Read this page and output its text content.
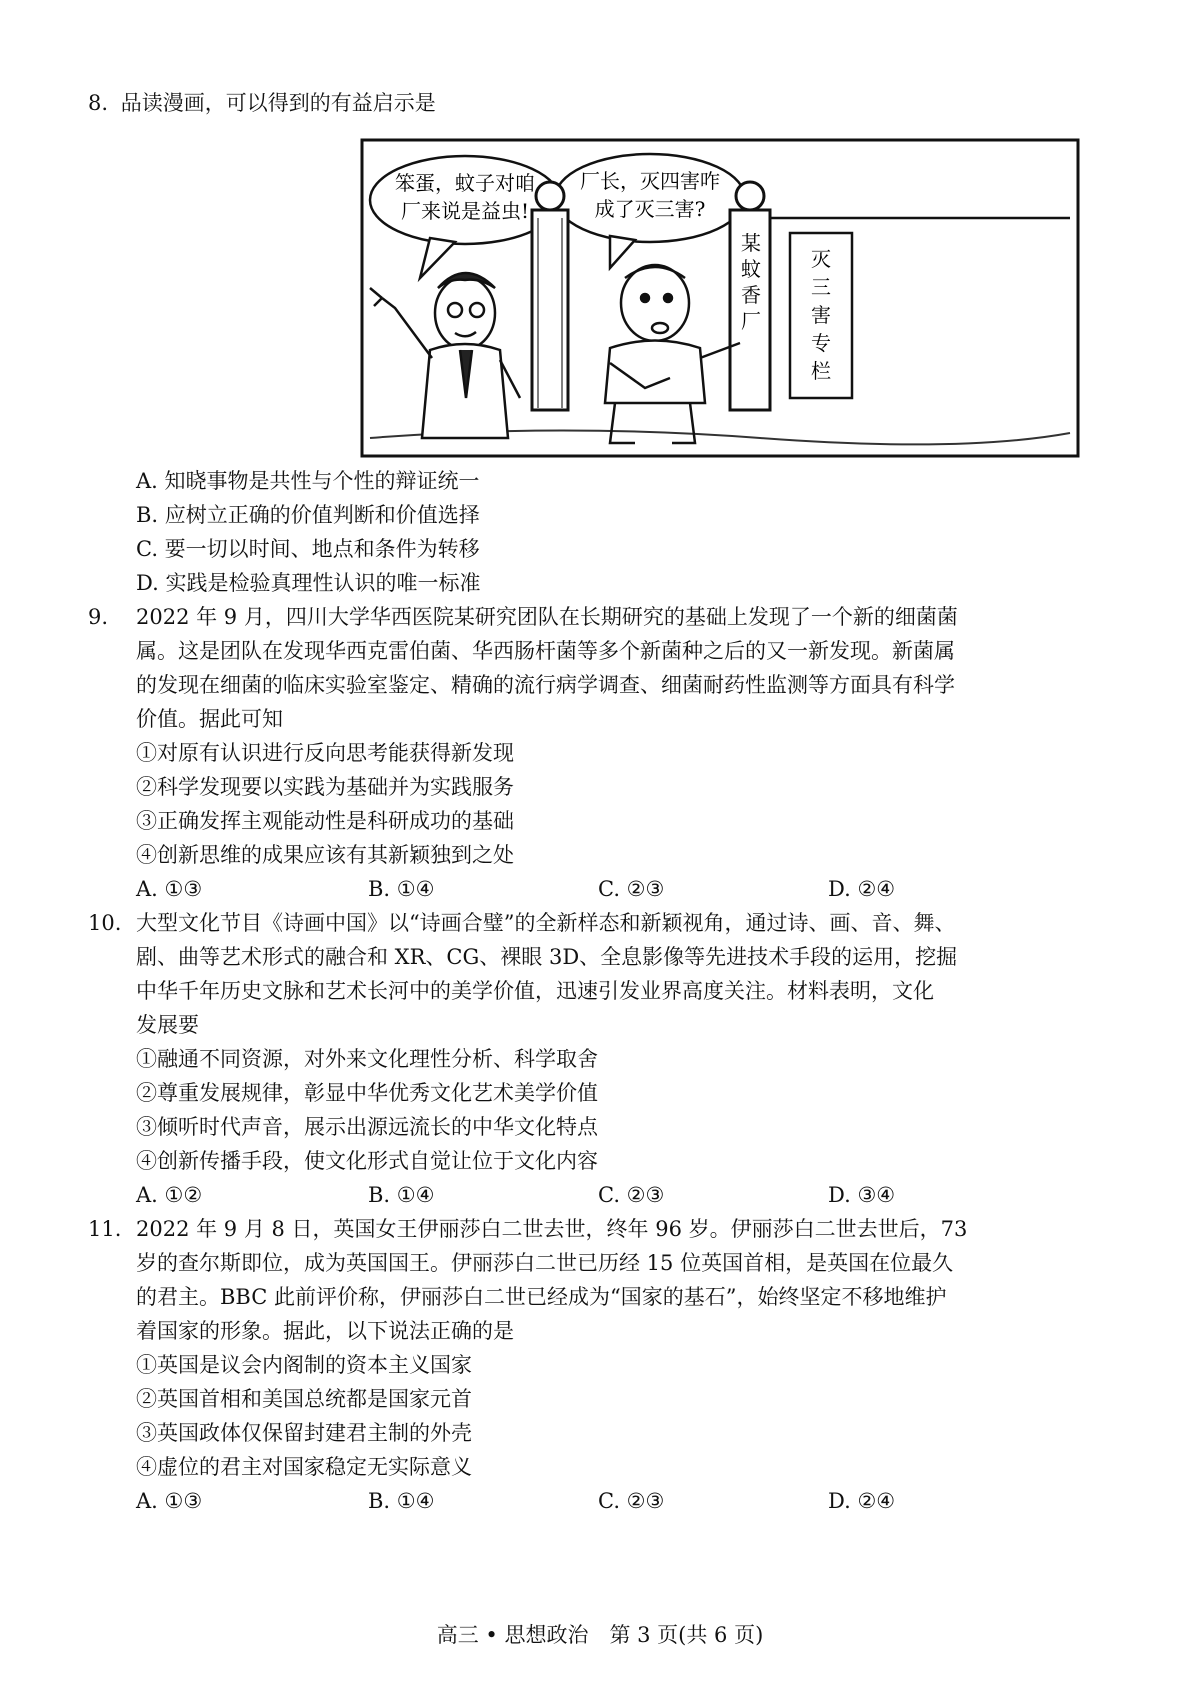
8. 品读漫画，可以得到的有益启示是
笨蛋，蚊子对咱
厂来说是益虫!
厂长，灭四害咋
成了灭三害?
某
蚊
香
厂
灭
三
害
专
栏
A. 知晓事物是共性与个性的辩证统一
B. 应树立正确的价值判断和价值选择
C. 要一切以时间、地点和条件为转移
D. 实践是检验真理性认识的唯一标准
9. 2022 年 9 月，四川大学华西医院某研究团队在长期研究的基础上发现了一个新的细菌菌
属。这是团队在发现华西克雷伯菌、华西肠杆菌等多个新菌种之后的又一新发现。新菌属
的发现在细菌的临床实验室鉴定、精确的流行病学调查、细菌耐药性监测等方面具有科学
价值。据此可知
①对原有认识进行反向思考能获得新发现
②科学发现要以实践为基础并为实践服务
③正确发挥主观能动性是科研成功的基础
④创新思维的成果应该有其新颖独到之处
A. ①③	B. ①④	C. ②③	D. ②④
10. 大型文化节目《诗画中国》以“诗画合璧”的全新样态和新颖视角，通过诗、画、音、舞、
剧、曲等艺术形式的融合和 XR、CG、裸眼 3D、全息影像等先进技术手段的运用，挖掘
中华千年历史文脉和艺术长河中的美学价值，迅速引发业界高度关注。材料表明，文化
发展要
①融通不同资源，对外来文化理性分析、科学取舍
②尊重发展规律，彰显中华优秀文化艺术美学价值
③倾听时代声音，展示出源远流长的中华文化特点
④创新传播手段，使文化形式自觉让位于文化内容
A. ①②	B. ①④	C. ②③	D. ③④
11. 2022 年 9 月 8 日，英国女王伊丽莎白二世去世，终年 96 岁。伊丽莎白二世去世后，73
岁的查尔斯即位，成为英国国王。伊丽莎白二世已历经 15 位英国首相，是英国在位最久
的君主。BBC 此前评价称，伊丽莎白二世已经成为“国家的基石”，始终坚定不移地维护
着国家的形象。据此，以下说法正确的是
①英国是议会内阁制的资本主义国家
②英国首相和美国总统都是国家元首
③英国政体仅保留封建君主制的外壳
④虚位的君主对国家稳定无实际意义
A. ①③	B. ①④	C. ②③	D. ②④
高三 • 思想政治　第 3 页(共 6 页)
